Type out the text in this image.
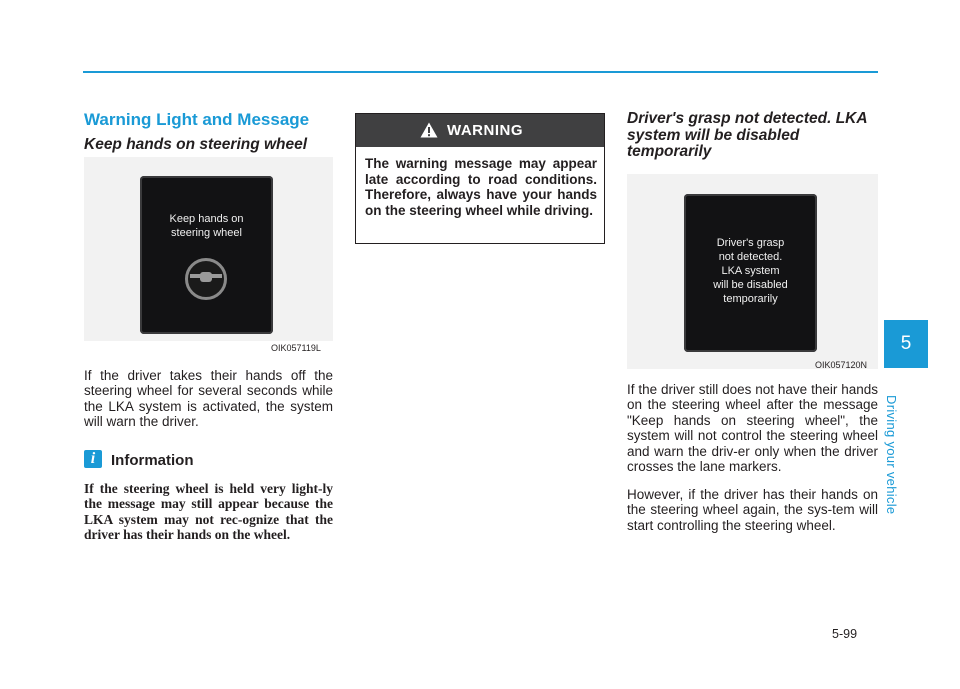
Warning Light and Message
Keep hands on steering wheel
Keep hands on
steering wheel
OIK057119L
If the driver takes their hands off the steering wheel for several seconds while the LKA system is activated, the system will warn the driver.
i	Information
If the steering wheel is held very light-ly the message may still appear because the LKA system may not rec-ognize that the driver has their hands on the wheel.
WARNING
The warning message may appear late according to road conditions. Therefore, always have your hands on the steering wheel while driving.
Driver's grasp not detected. LKA system will be disabled temporarily
Driver's grasp
not detected.
LKA system
will be disabled
temporarily
OIK057120N
If the driver still does not have their hands on the steering wheel after the message "Keep hands on steering wheel", the system will not control the steering wheel and warn the driv-er only when the driver crosses the lane markers.
However, if the driver has their hands on the steering wheel again, the sys-tem will start controlling the steering wheel.
5
Driving your vehicle
5-99
